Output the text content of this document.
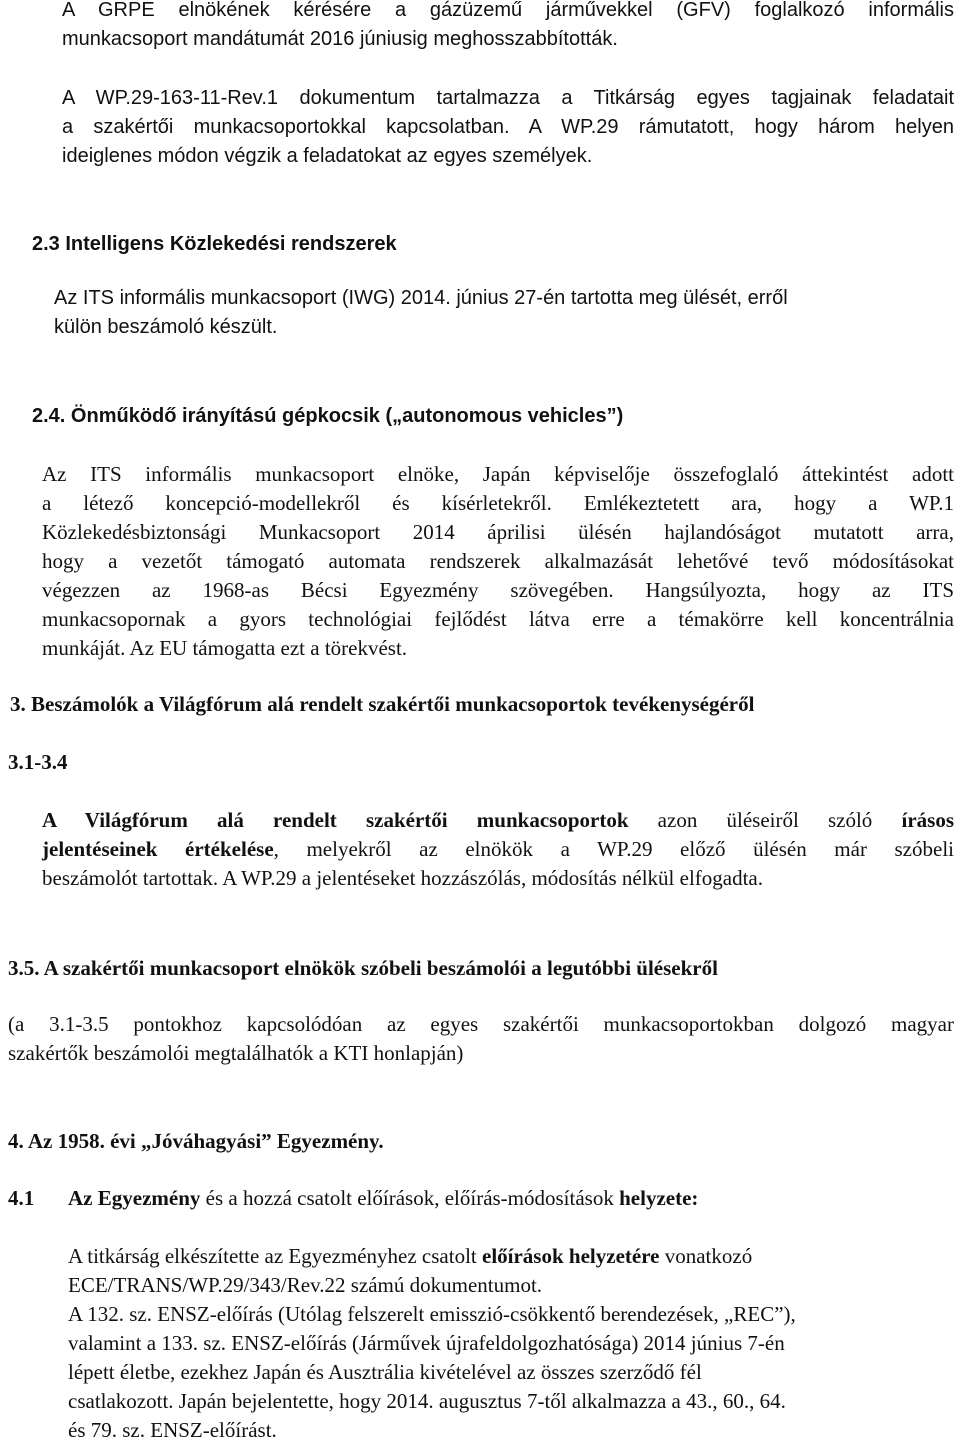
A GRPE elnökének kérésére a gázüzemű járművekkel (GFV) foglalkozó informális
munkacsoport mandátumát 2016 júniusig meghosszabbították.
A WP.29-163-11-Rev.1 dokumentum tartalmazza a Titkárság egyes tagjainak feladatait
a szakértői munkacsoportokkal kapcsolatban. A WP.29 rámutatott, hogy három helyen
ideiglenes módon végzik a feladatokat az egyes személyek.
2.3 Intelligens Közlekedési rendszerek
Az ITS informális munkacsoport (IWG) 2014. június 27-én tartotta meg ülését, erről
külön beszámoló készült.
2.4. Önműködő irányítású gépkocsik („autonomous vehicles”)
Az ITS informális munkacsoport elnöke, Japán képviselője összefoglaló áttekintést adott
a létező koncepció-modellekről és kísérletekről. Emlékeztetett ara, hogy a WP.1
Közlekedésbiztonsági Munkacsoport 2014 áprilisi ülésén hajlandóságot mutatott arra,
hogy a vezetőt támogató automata rendszerek alkalmazását lehetővé tevő módosításokat
végezzen az 1968-as Bécsi Egyezmény szövegében. Hangsúlyozta, hogy az ITS
munkacsopornak a gyors technológiai fejlődést látva erre a témakörre kell koncentrálnia
munkáját. Az EU támogatta ezt a törekvést.
3. Beszámolók a Világfórum alá rendelt szakértői munkacsoportok tevékenységéről
3.1-3.4
A Világfórum alá rendelt szakértői munkacsoportok azon üléseiről szóló írásos
jelentéseinek értékelése, melyekről az elnökök a WP.29 előző ülésén már szóbeli
beszámolót tartottak. A WP.29 a jelentéseket hozzászólás, módosítás nélkül elfogadta.
3.5. A szakértői munkacsoport elnökök szóbeli beszámolói a legutóbbi ülésekről
(a 3.1-3.5 pontokhoz kapcsolódóan az egyes szakértői munkacsoportokban dolgozó magyar
szakértők beszámolói megtalálhatók a KTI honlapján)
4. Az 1958. évi „Jóváhagyási” Egyezmény.
4.1 Az Egyezmény és a hozzá csatolt előírások, előírás-módosítások helyzete:
A titkárság elkészítette az Egyezményhez csatolt előírások helyzetére vonatkozó
ECE/TRANS/WP.29/343/Rev.22 számú dokumentumot.
A 132. sz. ENSZ-előírás (Utólag felszerelt emisszió-csökkentő berendezések, „REC”),
valamint a 133. sz. ENSZ-előírás (Járművek újrafeldolgozhatósága) 2014 június 7-én
lépett életbe, ezekhez Japán és Ausztrália kivételével az összes szerződő fél
csatlakozott. Japán bejelentette, hogy 2014. augusztus 7-től alkalmazza a 43., 60., 64.
és 79. sz. ENSZ-előírást.
